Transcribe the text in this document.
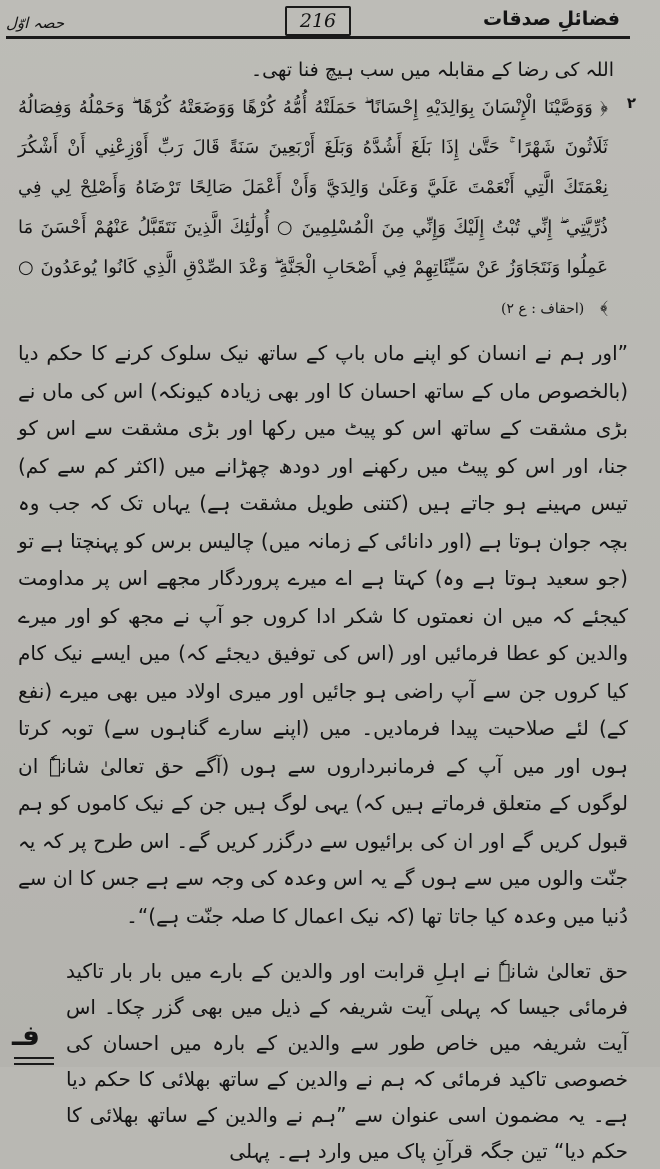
حصہ اوّل	216	فضائلِ صدقات
اللہ کی رضا کے مقابلہ میں سب ہیچ فنا تھی۔
٢
﴿ وَوَصَّيْنَا الْإِنْسَانَ بِوَالِدَيْهِ إِحْسَانًا ۖ حَمَلَتْهُ أُمُّهُ كُرْهًا وَوَضَعَتْهُ كُرْهًا ۖ وَحَمْلُهُ وَفِصَالُهُ ثَلَاثُونَ شَهْرًا ۚ حَتَّىٰ إِذَا بَلَغَ أَشُدَّهُ وَبَلَغَ أَرْبَعِينَ سَنَةً قَالَ رَبِّ أَوْزِعْنِي أَنْ أَشْكُرَ نِعْمَتَكَ الَّتِي أَنْعَمْتَ عَلَيَّ وَعَلَىٰ وَالِدَيَّ وَأَنْ أَعْمَلَ صَالِحًا تَرْضَاهُ وَأَصْلِحْ لِي فِي ذُرِّيَّتِي ۖ إِنِّي تُبْتُ إِلَيْكَ وَإِنِّي مِنَ الْمُسْلِمِينَ ○ أُولَٰئِكَ الَّذِينَ نَتَقَبَّلُ عَنْهُمْ أَحْسَنَ مَا عَمِلُوا وَنَتَجَاوَزُ عَنْ سَيِّئَاتِهِمْ فِي أَصْحَابِ الْجَنَّةِ ۖ وَعْدَ الصِّدْقِ الَّذِي كَانُوا يُوعَدُونَ ○ ﴾ (احقاف : ع ۲)
”اور ہم نے انسان کو اپنے ماں باپ کے ساتھ نیک سلوک کرنے کا حکم دیا (بالخصوص ماں کے ساتھ احسان کا اور بھی زیادہ کیونکہ) اس کی ماں نے بڑی مشقت کے ساتھ اس کو پیٹ میں رکھا اور بڑی مشقت سے اس کو جنا، اور اس کو پیٹ میں رکھنے اور دودھ چھڑانے میں (اکثر کم سے کم) تیس مہینے ہو جاتے ہیں (کتنی طویل مشقت ہے) یہاں تک کہ جب وہ بچہ جوان ہوتا ہے (اور دانائی کے زمانہ میں) چالیس برس کو پہنچتا ہے تو (جو سعید ہوتا ہے وہ) کہتا ہے اے میرے پروردگار مجھے اس پر مداومت کیجئے کہ میں ان نعمتوں کا شکر ادا کروں جو آپ نے مجھ کو اور میرے والدین کو عطا فرمائیں اور (اس کی توفیق دیجئے کہ) میں ایسے نیک کام کیا کروں جن سے آپ راضی ہو جائیں اور میری اولاد میں بھی میرے (نفع کے) لئے صلاحیت پیدا فرمادیں۔ میں (اپنے سارے گناہوں سے) توبہ کرتا ہوں اور میں آپ کے فرمانبرداروں سے ہوں (آگے حق تعالیٰ شانہٗ ان لوگوں کے متعلق فرماتے ہیں کہ) یہی لوگ ہیں جن کے نیک کاموں کو ہم قبول کریں گے اور ان کی برائیوں سے درگزر کریں گے۔ اس طرح پر کہ یہ جنّت والوں میں سے ہوں گے یہ اس وعدہ کی وجہ سے ہے جس کا ان سے دُنیا میں وعدہ کیا جاتا تھا (کہ نیک اعمال کا صلہ جنّت ہے)“۔
فـ
حق تعالیٰ شانہٗ نے اہلِ قرابت اور والدین کے بارے میں بار بار تاکید فرمائی جیسا کہ پہلی آیت شریفہ کے ذیل میں بھی گزر چکا۔ اس آیت شریفہ میں خاص طور سے والدین کے بارہ میں احسان کی خصوصی تاکید فرمائی کہ ہم نے والدین کے ساتھ بھلائی کا حکم دیا ہے۔ یہ مضمون اسی عنوان سے ”ہم نے والدین کے ساتھ بھلائی کا حکم دیا“ تین جگہ قرآنِ پاک میں وارد ہے۔ پہلی
